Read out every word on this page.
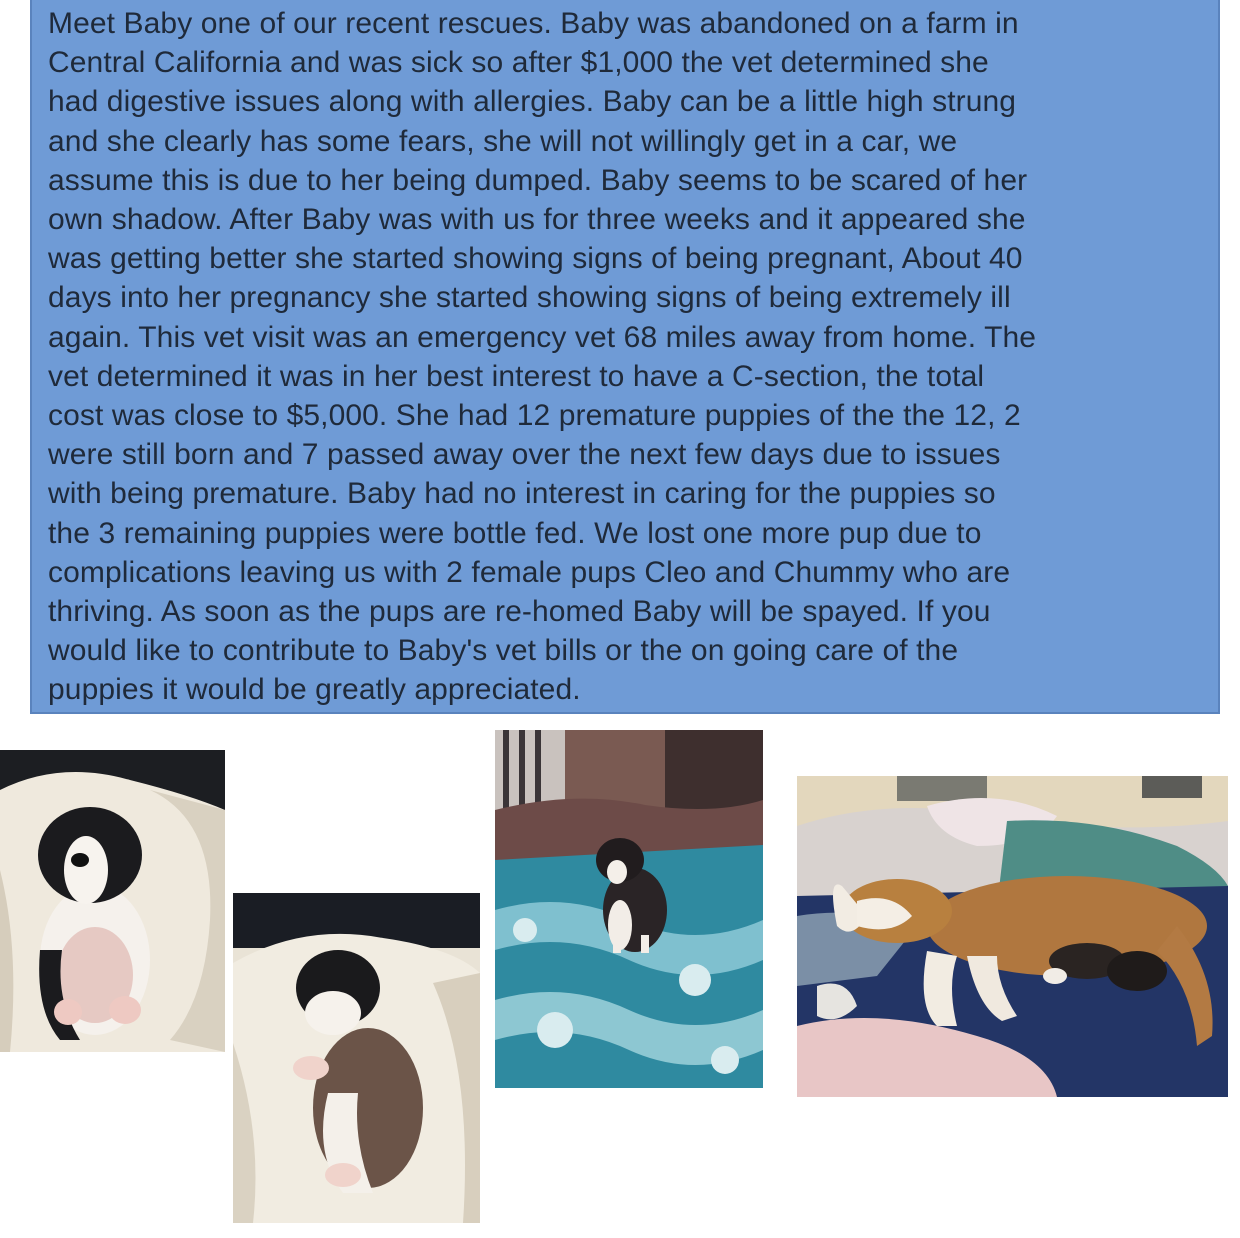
Meet Baby one of our recent rescues. Baby was abandoned on a farm in
Central California and was sick so after $1,000 the vet determined she
had digestive issues along with allergies. Baby can be a little high strung
and she clearly has some fears, she will not willingly get in a car, we
assume this is due to her being dumped. Baby seems to be scared of her
own shadow. After Baby was with us for three weeks and it appeared she
was getting better she started showing signs of being pregnant, About 40
days into her pregnancy she started showing signs of being extremely ill
again. This vet visit was an emergency vet 68 miles away from home. The
vet determined it was in her best interest to have a C-section, the total
cost was close to $5,000. She had 12 premature puppies of the the 12, 2
were still born and 7 passed away over the next few days due to issues
with being premature. Baby had no interest in caring for the puppies so
the 3 remaining puppies were bottle fed. We lost one more pup due to
complications leaving us with 2 female pups Cleo and Chummy who are
thriving. As soon as the pups are re-homed Baby will be spayed. If you
would like to contribute to Baby's vet bills or the on going care of the
puppies it would be greatly appreciated.
